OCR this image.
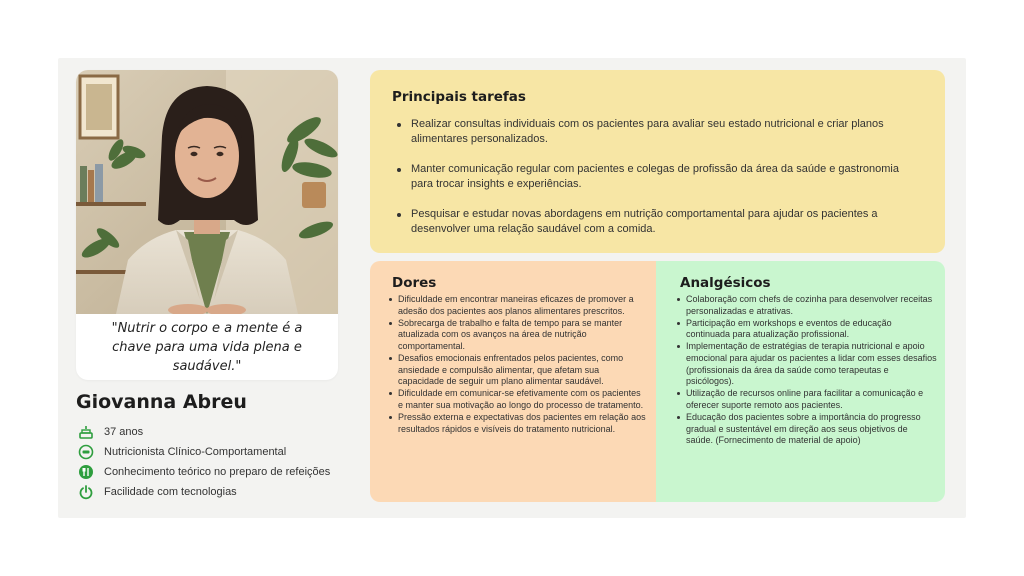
"Nutrir o corpo e a mente é a chave para uma vida plena e saudável."
Giovanna Abreu
37 anos
Nutricionista Clínico-Comportamental
Conhecimento teórico no preparo de refeições
Facilidade com tecnologias
Principais tarefas
Realizar consultas individuais com os pacientes para avaliar seu estado nutricional e criar planos alimentares personalizados.
Manter comunicação regular com pacientes e colegas de profissão da área da saúde e gastronomia para trocar insights e experiências.
Pesquisar e estudar novas abordagens em nutrição comportamental para ajudar os pacientes a desenvolver uma relação saudável com a comida.
Dores
Dificuldade em encontrar maneiras eficazes de promover a adesão dos pacientes aos planos alimentares prescritos.
Sobrecarga de trabalho e falta de tempo para se manter atualizada com os avanços na área de nutrição comportamental.
Desafios emocionais enfrentados pelos pacientes, como ansiedade e compulsão alimentar, que afetam sua capacidade de seguir um plano alimentar saudável.
Dificuldade em comunicar-se efetivamente com os pacientes e manter sua motivação ao longo do processo de tratamento.
Pressão externa e expectativas dos pacientes em relação aos resultados rápidos e visíveis do tratamento nutricional.
Analgésicos
Colaboração com chefs de cozinha para desenvolver receitas personalizadas e atrativas.
Participação em workshops e eventos de educação continuada para atualização profissional.
Implementação de estratégias de terapia nutricional e apoio emocional para ajudar os pacientes a lidar com esses desafios (profissionais da área da saúde como terapeutas e psicólogos).
Utilização de recursos online para facilitar a comunicação e oferecer suporte remoto aos pacientes.
Educação dos pacientes sobre a importância do progresso gradual e sustentável em direção aos seus objetivos de saúde. (Fornecimento de material de apoio)
